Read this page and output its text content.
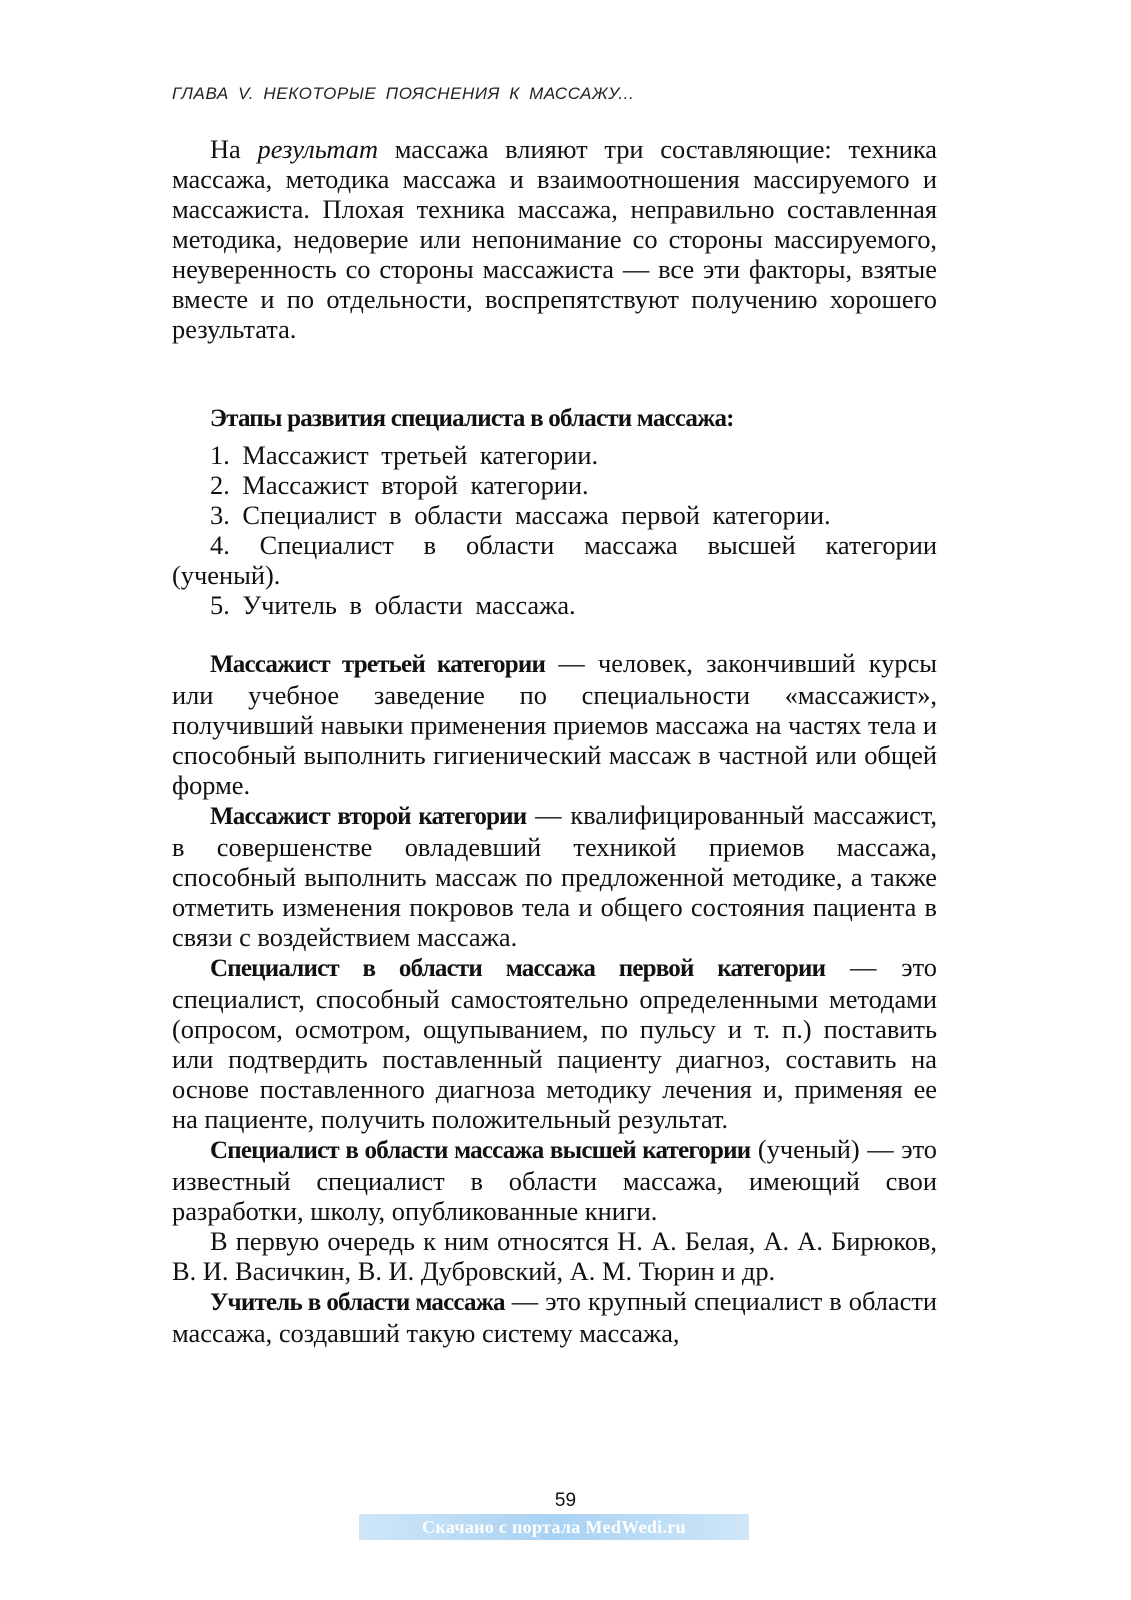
ГЛАВА V. НЕКОТОРЫЕ ПОЯСНЕНИЯ К МАССАЖУ...

На результат массажа влияют три составляющие: техника массажа, методика массажа и взаимоотношения массируемого и массажиста. Плохая техника массажа, неправильно составленная методика, недоверие или непонимание со стороны массируемого, неуверенность со стороны массажиста — все эти факторы, взятые вместе и по отдельности, воспрепятствуют получению хорошего результата.

Этапы развития специалиста в области массажа:
1. Массажист третьей категории.
2. Массажист второй категории.
3. Специалист в области массажа первой категории.
4. Специалист в области массажа высшей категории (ученый).
5. Учитель в области массажа.

Массажист третьей категории — человек, закончивший курсы или учебное заведение по специальности «массажист», получивший навыки применения приемов массажа на частях тела и способный выполнить гигиенический массаж в частной или общей форме.

Массажист второй категории — квалифицированный массажист, в совершенстве овладевший техникой приемов массажа, способный выполнить массаж по предложенной методике, а также отметить изменения покровов тела и общего состояния пациента в связи с воздействием массажа.

Специалист в области массажа первой категории — это специалист, способный самостоятельно определенными методами (опросом, осмотром, ощупыванием, по пульсу и т. п.) поставить или подтвердить поставленный пациенту диагноз, составить на основе поставленного диагноза методику лечения и, применяя ее на пациенте, получить положительный результат.

Специалист в области массажа высшей категории (ученый) — это известный специалист в области массажа, имеющий свои разработки, школу, опубликованные книги.

В первую очередь к ним относятся Н. А. Белая, А. А. Бирюков, В. И. Васичкин, В. И. Дубровский, А. М. Тюрин и др.

Учитель в области массажа — это крупный специалист в области массажа, создавший такую систему массажа,

59
Скачано с портала MedWedi.ru
